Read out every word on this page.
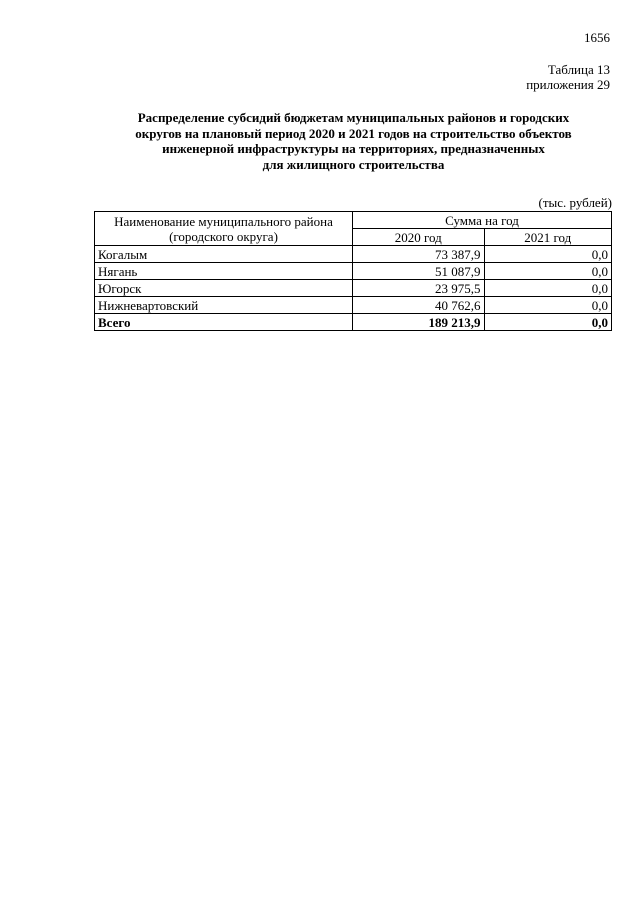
1656
Таблица 13
приложения 29
Распределение субсидий бюджетам муниципальных районов и городских
округов на плановый период 2020 и 2021 годов на строительство объектов
инженерной инфраструктуры на территориях, предназначенных
для жилищного строительства
(тыс. рублей)
Наименование муниципального района
(городского округа)	Сумма на год	
	2020 год	2021 год
Когалым	73 387,9	0,0
Нягань	51 087,9	0,0
Югорск	23 975,5	0,0
Нижневартовский	40 762,6	0,0
Всего	189 213,9	0,0
